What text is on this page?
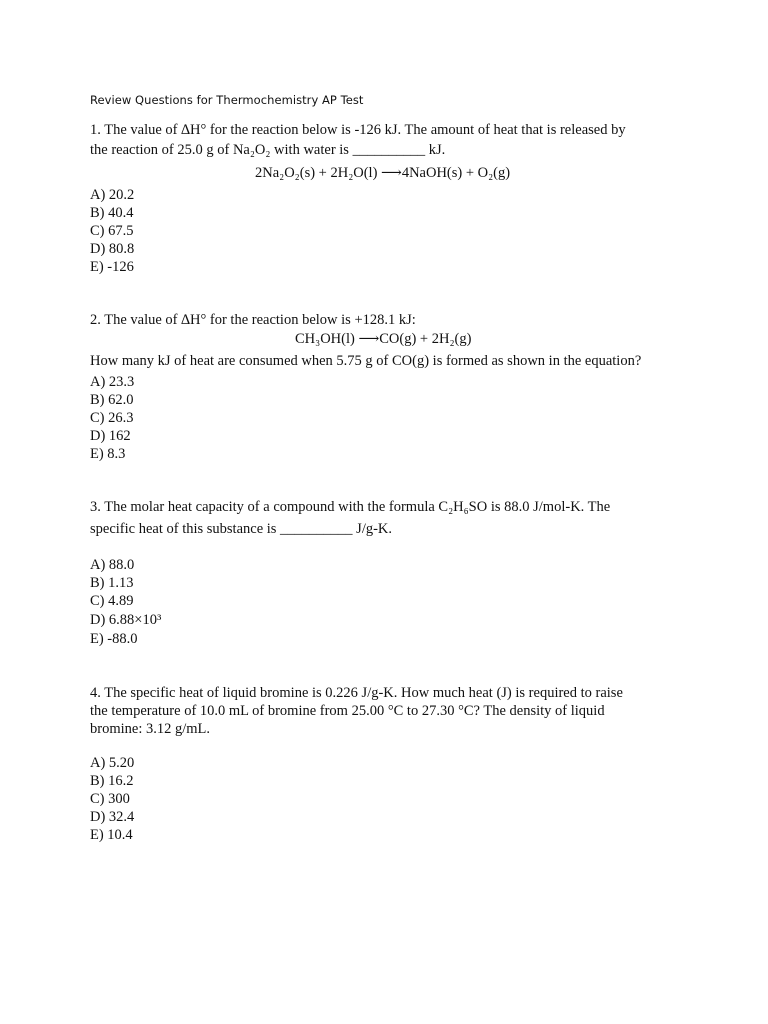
Review Questions for Thermochemistry AP Test
1. The value of ∆H° for the reaction below is -126 kJ. The amount of heat that is released by
the reaction of 25.0 g of Na₂O₂ with water is __________ kJ.
2Na₂O₂(s) + 2H₂O(l) ⟶4NaOH(s) + O₂(g)
A) 20.2
B) 40.4
C) 67.5
D) 80.8
E) -126
2. The value of ∆H° for the reaction below is +128.1 kJ:
CH₃OH(l) ⟶CO(g) + 2H₂(g)
How many kJ of heat are consumed when 5.75 g of CO(g) is formed as shown in the equation?
A) 23.3
B) 62.0
C) 26.3
D) 162
E) 8.3
3. The molar heat capacity of a compound with the formula C₂H₆SO is 88.0 J/mol-K. The
specific heat of this substance is __________ J/g-K.
A) 88.0
B) 1.13
C) 4.89
D) 6.88×10³
E) -88.0
4. The specific heat of liquid bromine is 0.226 J/g-K. How much heat (J) is required to raise
the temperature of 10.0 mL of bromine from 25.00 °C to 27.30 °C? The density of liquid
bromine: 3.12 g/mL.
A) 5.20
B) 16.2
C) 300
D) 32.4
E) 10.4
